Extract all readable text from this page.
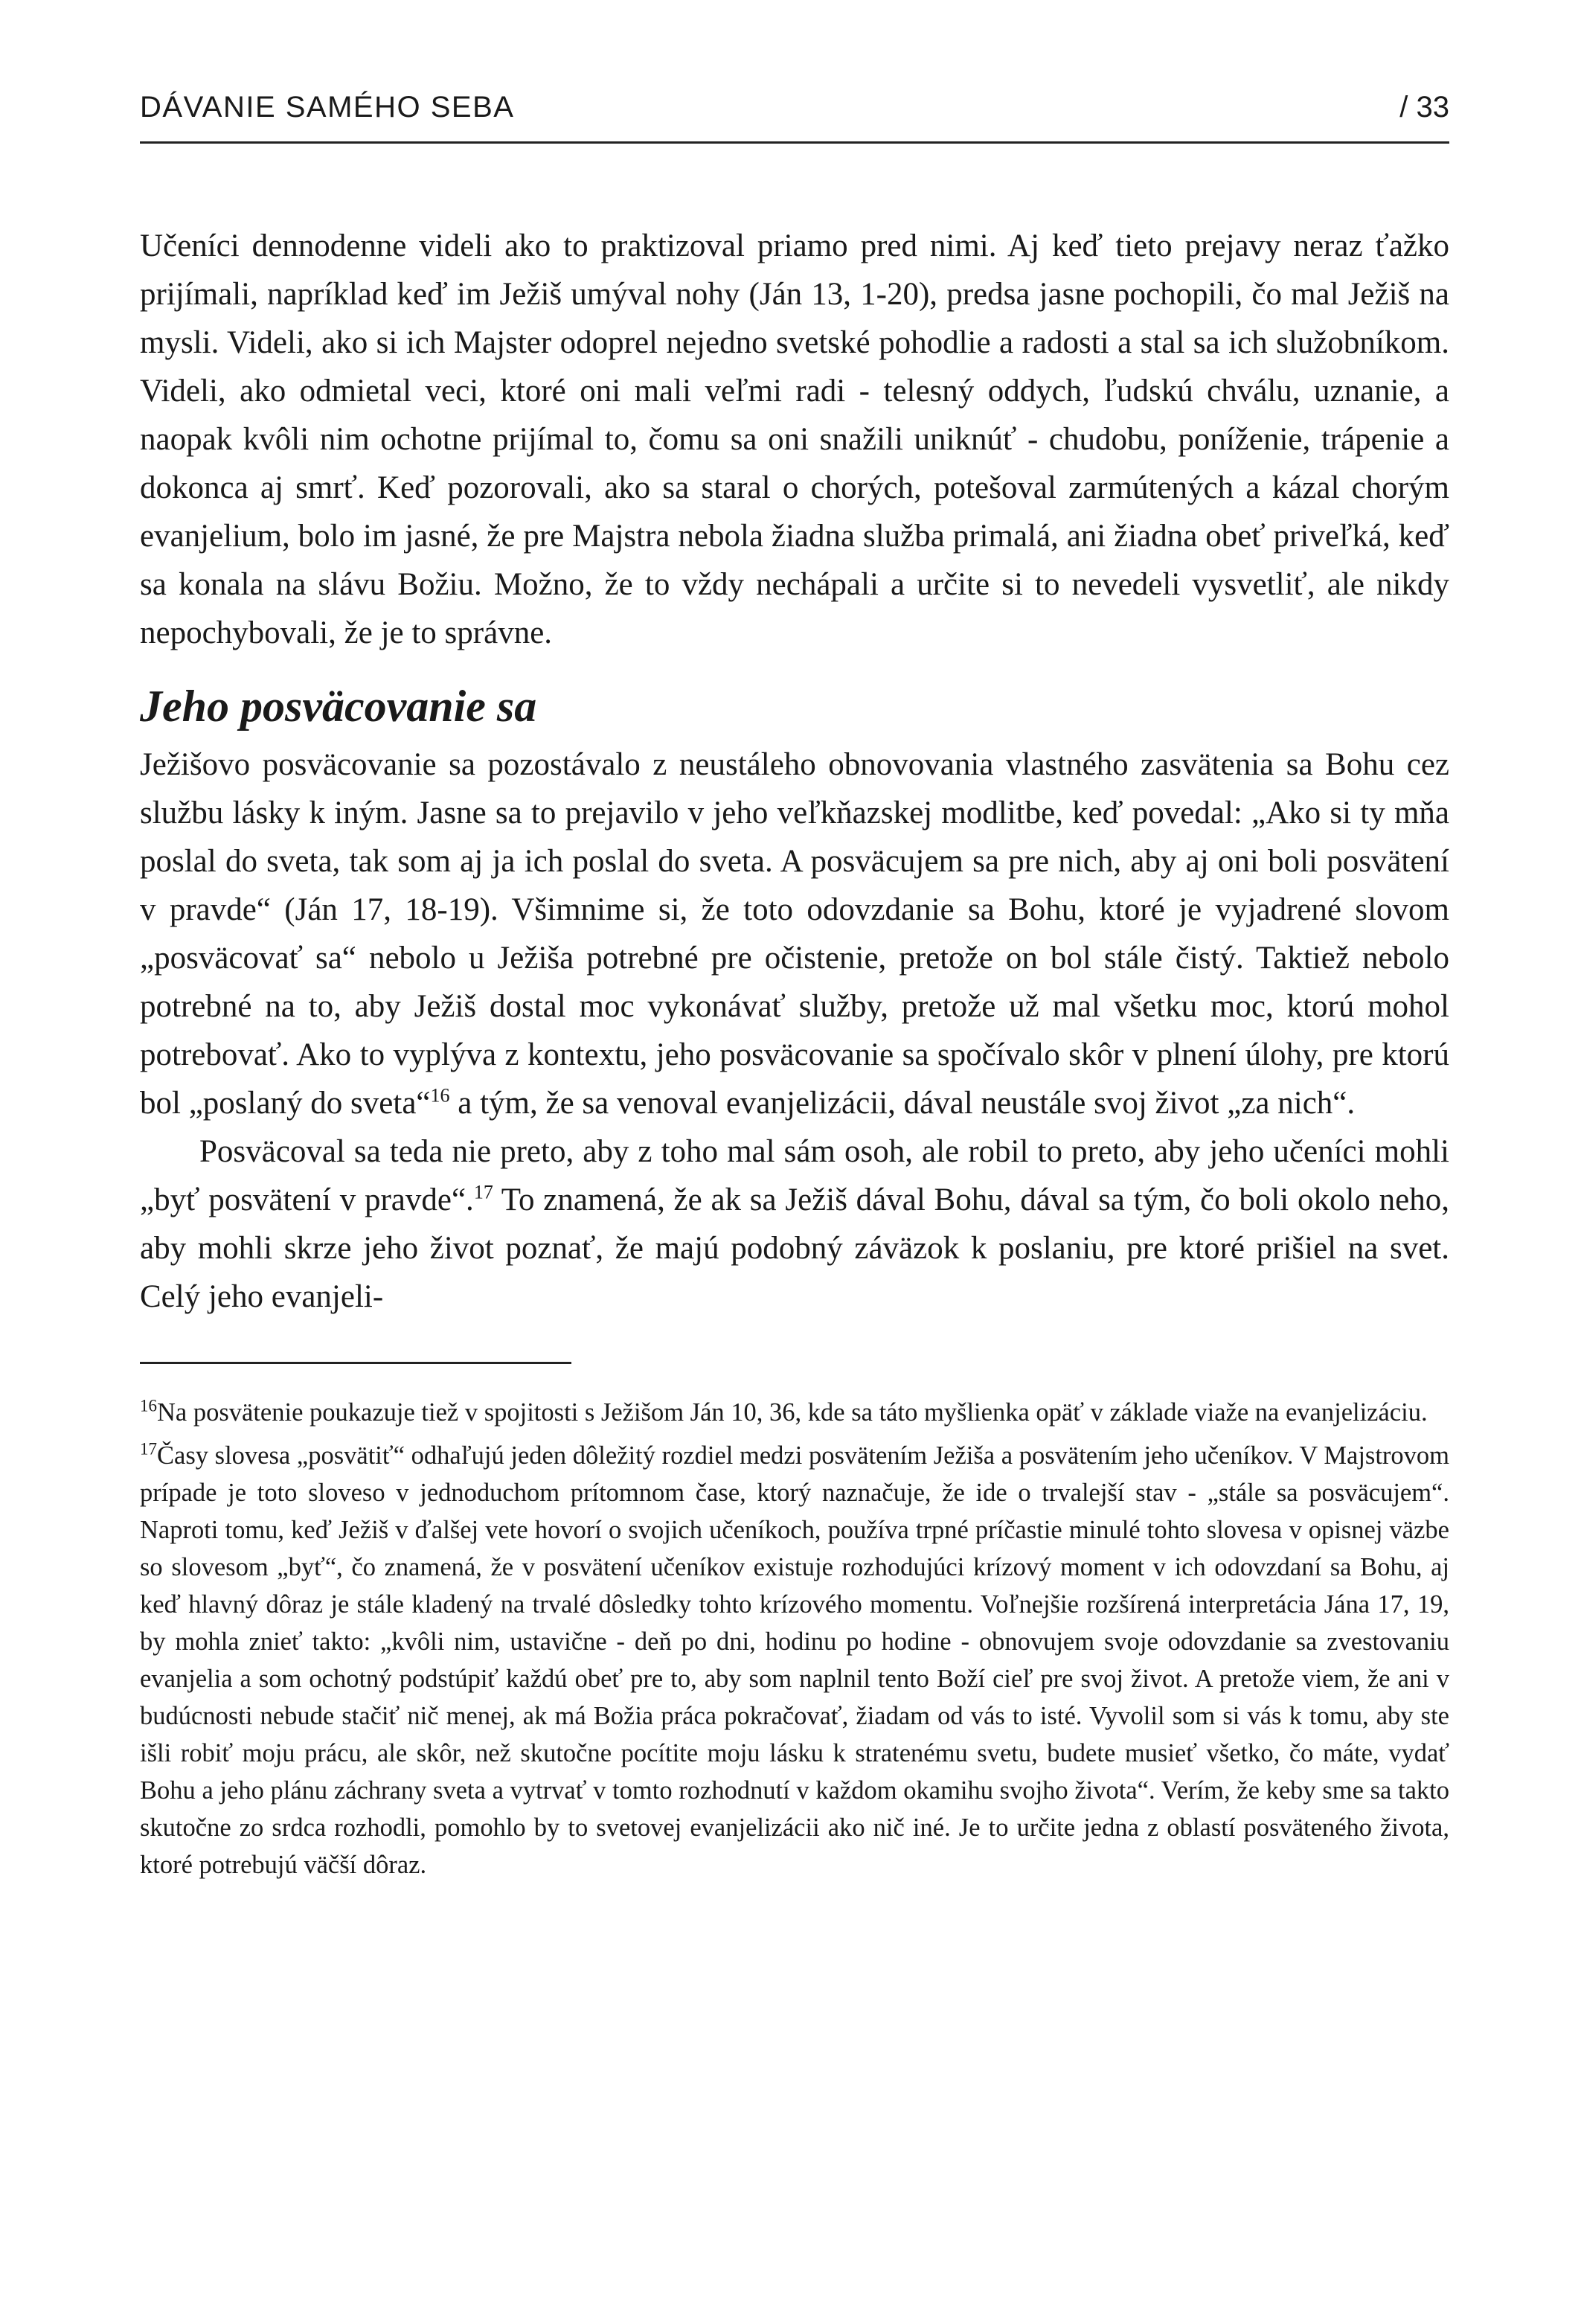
DÁVANIE SAMÉHO SEBA	/ 33

Učeníci dennodenne videli ako to praktizoval priamo pred nimi. Aj keď tieto prejavy neraz ťažko prijímali, napríklad keď im Ježiš umýval nohy (Ján 13, 1-20), predsa jasne pochopili, čo mal Ježiš na mysli. Videli, ako si ich Majster odoprel nejedno svetské pohodlie a radosti a stal sa ich služobníkom. Videli, ako odmietal veci, ktoré oni mali veľmi radi - telesný oddych, ľudskú chválu, uznanie, a naopak kvôli nim ochotne prijímal to, čomu sa oni snažili uniknúť - chudobu, poníženie, trápenie a dokonca aj smrť. Keď pozorovali, ako sa staral o chorých, potešoval zarmútených a kázal chorým evanjelium, bolo im jasné, že pre Majstra nebola žiadna služba primalá, ani žiadna obeť priveľká, keď sa konala na slávu Božiu. Možno, že to vždy nechápali a určite si to nevedeli vysvetliť, ale nikdy nepochybovali, že je to správne.

Jeho posväcovanie sa

Ježišovo posväcovanie sa pozostávalo z neustáleho obnovovania vlastného zasvätenia sa Bohu cez službu lásky k iným. Jasne sa to prejavilo v jeho veľkňazskej modlitbe, keď povedal: „Ako si ty mňa poslal do sveta, tak som aj ja ich poslal do sveta. A posväcujem sa pre nich, aby aj oni boli posvätení v pravde“ (Ján 17, 18-19). Všimnime si, že toto odovzdanie sa Bohu, ktoré je vyjadrené slovom „posväcovať sa“ nebolo u Ježiša potrebné pre očistenie, pretože on bol stále čistý. Taktiež nebolo potrebné na to, aby Ježiš dostal moc vykonávať služby, pretože už mal všetku moc, ktorú mohol potrebovať. Ako to vyplýva z kontextu, jeho posväcovanie sa spočívalo skôr v plnení úlohy, pre ktorú bol „poslaný do sveta“$^{16}$ a tým, že sa venoval evanjelizácii, dával neustále svoj život „za nich“.

Posväcoval sa teda nie preto, aby z toho mal sám osoh, ale robil to preto, aby jeho učeníci mohli „byť posvätení v pravde“.$^{17}$ To znamená, že ak sa Ježiš dával Bohu, dával sa tým, čo boli okolo neho, aby mohli skrze jeho život poznať, že majú podobný záväzok k poslaniu, pre ktoré prišiel na svet. Celý jeho evanjeli-

$^{16}$Na posvätenie poukazuje tiež v spojitosti s Ježišom Ján 10, 36, kde sa táto myšlienka opäť v základe viaže na evanjelizáciu.

$^{17}$Časy slovesa „posvätiť“ odhaľujú jeden dôležitý rozdiel medzi posvätením Ježiša a posvätením jeho učeníkov. V Majstrovom prípade je toto sloveso v jednoduchom prítomnom čase, ktorý naznačuje, že ide o trvalejší stav - „stále sa posväcujem“. Naproti tomu, keď Ježiš v ďalšej vete hovorí o svojich učeníkoch, používa trpné príčastie minulé tohto slovesa v opisnej väzbe so slovesom „byť“, čo znamená, že v posvätení učeníkov existuje rozhodujúci krízový moment v ich odovzdaní sa Bohu, aj keď hlavný dôraz je stále kladený na trvalé dôsledky tohto krízového momentu. Voľnejšie rozšírená interpretácia Jána 17, 19, by mohla znieť takto: „kvôli nim, ustavične - deň po dni, hodinu po hodine - obnovujem svoje odovzdanie sa zvestovaniu evanjelia a som ochotný podstúpiť každú obeť pre to, aby som naplnil tento Boží cieľ pre svoj život. A pretože viem, že ani v budúcnosti nebude stačiť nič menej, ak má Božia práca pokračovať, žiadam od vás to isté. Vyvolil som si vás k tomu, aby ste išli robiť moju prácu, ale skôr, než skutočne pocítite moju lásku k stratenému svetu, budete musieť všetko, čo máte, vydať Bohu a jeho plánu záchrany sveta a vytrvať v tomto rozhodnutí v každom okamihu svojho života“. Verím, že keby sme sa takto skutočne zo srdca rozhodli, pomohlo by to svetovej evanjelizácii ako nič iné. Je to určite jedna z oblastí posväteného života, ktoré potrebujú väčší dôraz.
